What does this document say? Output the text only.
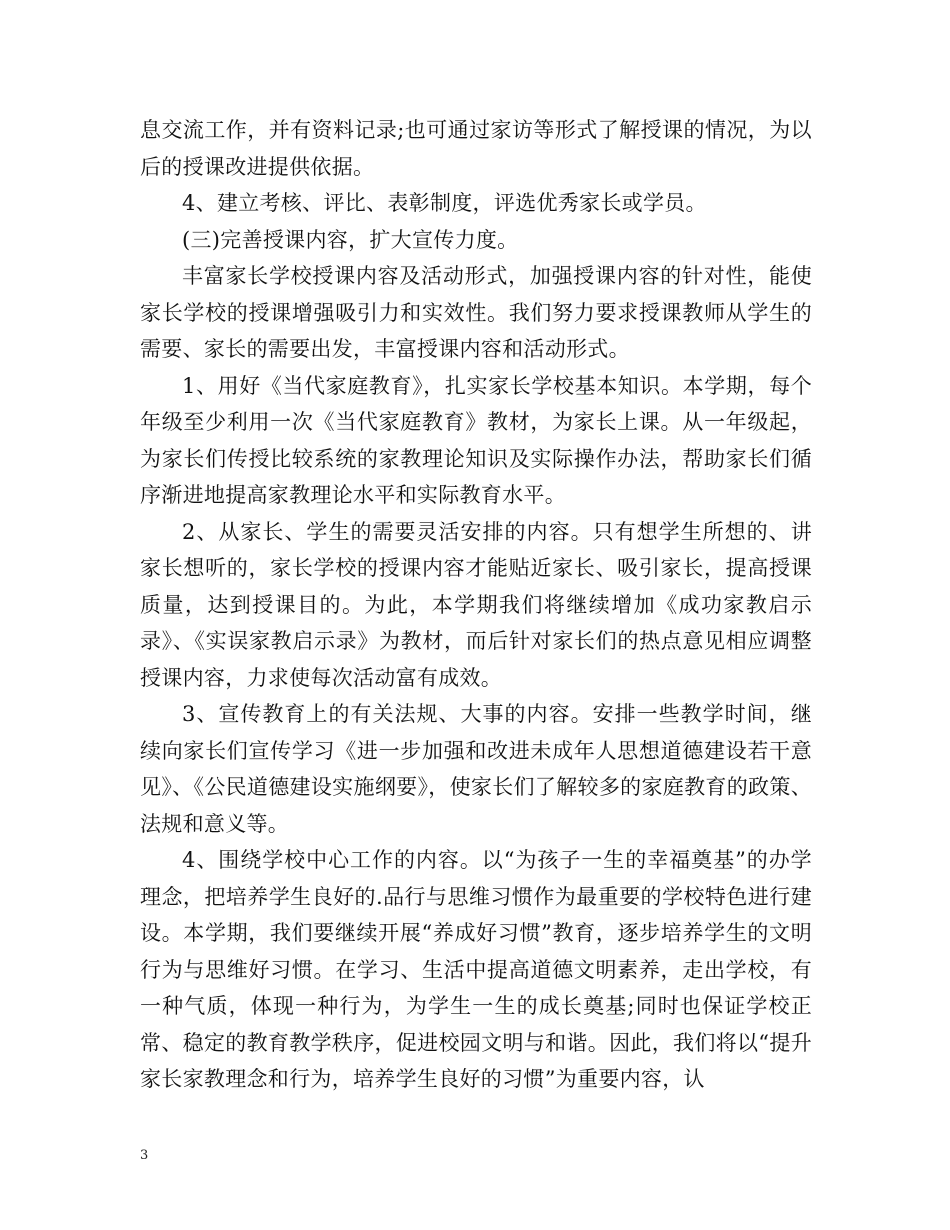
息交流工作，并有资料记录;也可通过家访等形式了解授课的情况，为以后的授课改进提供依据。

4、建立考核、评比、表彰制度，评选优秀家长或学员。

(三)完善授课内容，扩大宣传力度。

丰富家长学校授课内容及活动形式，加强授课内容的针对性，能使家长学校的授课增强吸引力和实效性。我们努力要求授课教师从学生的需要、家长的需要出发，丰富授课内容和活动形式。

1、用好《当代家庭教育》，扎实家长学校基本知识。本学期，每个年级至少利用一次《当代家庭教育》教材，为家长上课。从一年级起，为家长们传授比较系统的家教理论知识及实际操作办法，帮助家长们循序渐进地提高家教理论水平和实际教育水平。

2、从家长、学生的需要灵活安排的内容。只有想学生所想的、讲家长想听的，家长学校的授课内容才能贴近家长、吸引家长，提高授课质量，达到授课目的。为此，本学期我们将继续增加《成功家教启示录》、《实误家教启示录》为教材，而后针对家长们的热点意见相应调整授课内容，力求使每次活动富有成效。

3、宣传教育上的有关法规、大事的内容。安排一些教学时间，继续向家长们宣传学习《进一步加强和改进未成年人思想道德建设若干意见》、《公民道德建设实施纲要》，使家长们了解较多的家庭教育的政策、法规和意义等。

4、围绕学校中心工作的内容。以“为孩子一生的幸福奠基”的办学理念，把培养学生良好的.品行与思维习惯作为最重要的学校特色进行建设。本学期，我们要继续开展“养成好习惯”教育，逐步培养学生的文明行为与思维好习惯。在学习、生活中提高道德文明素养，走出学校，有一种气质，体现一种行为，为学生一生的成长奠基;同时也保证学校正常、稳定的教育教学秩序，促进校园文明与和谐。因此，我们将以“提升家长家教理念和行为，培养学生良好的习惯”为重要内容，认

3
